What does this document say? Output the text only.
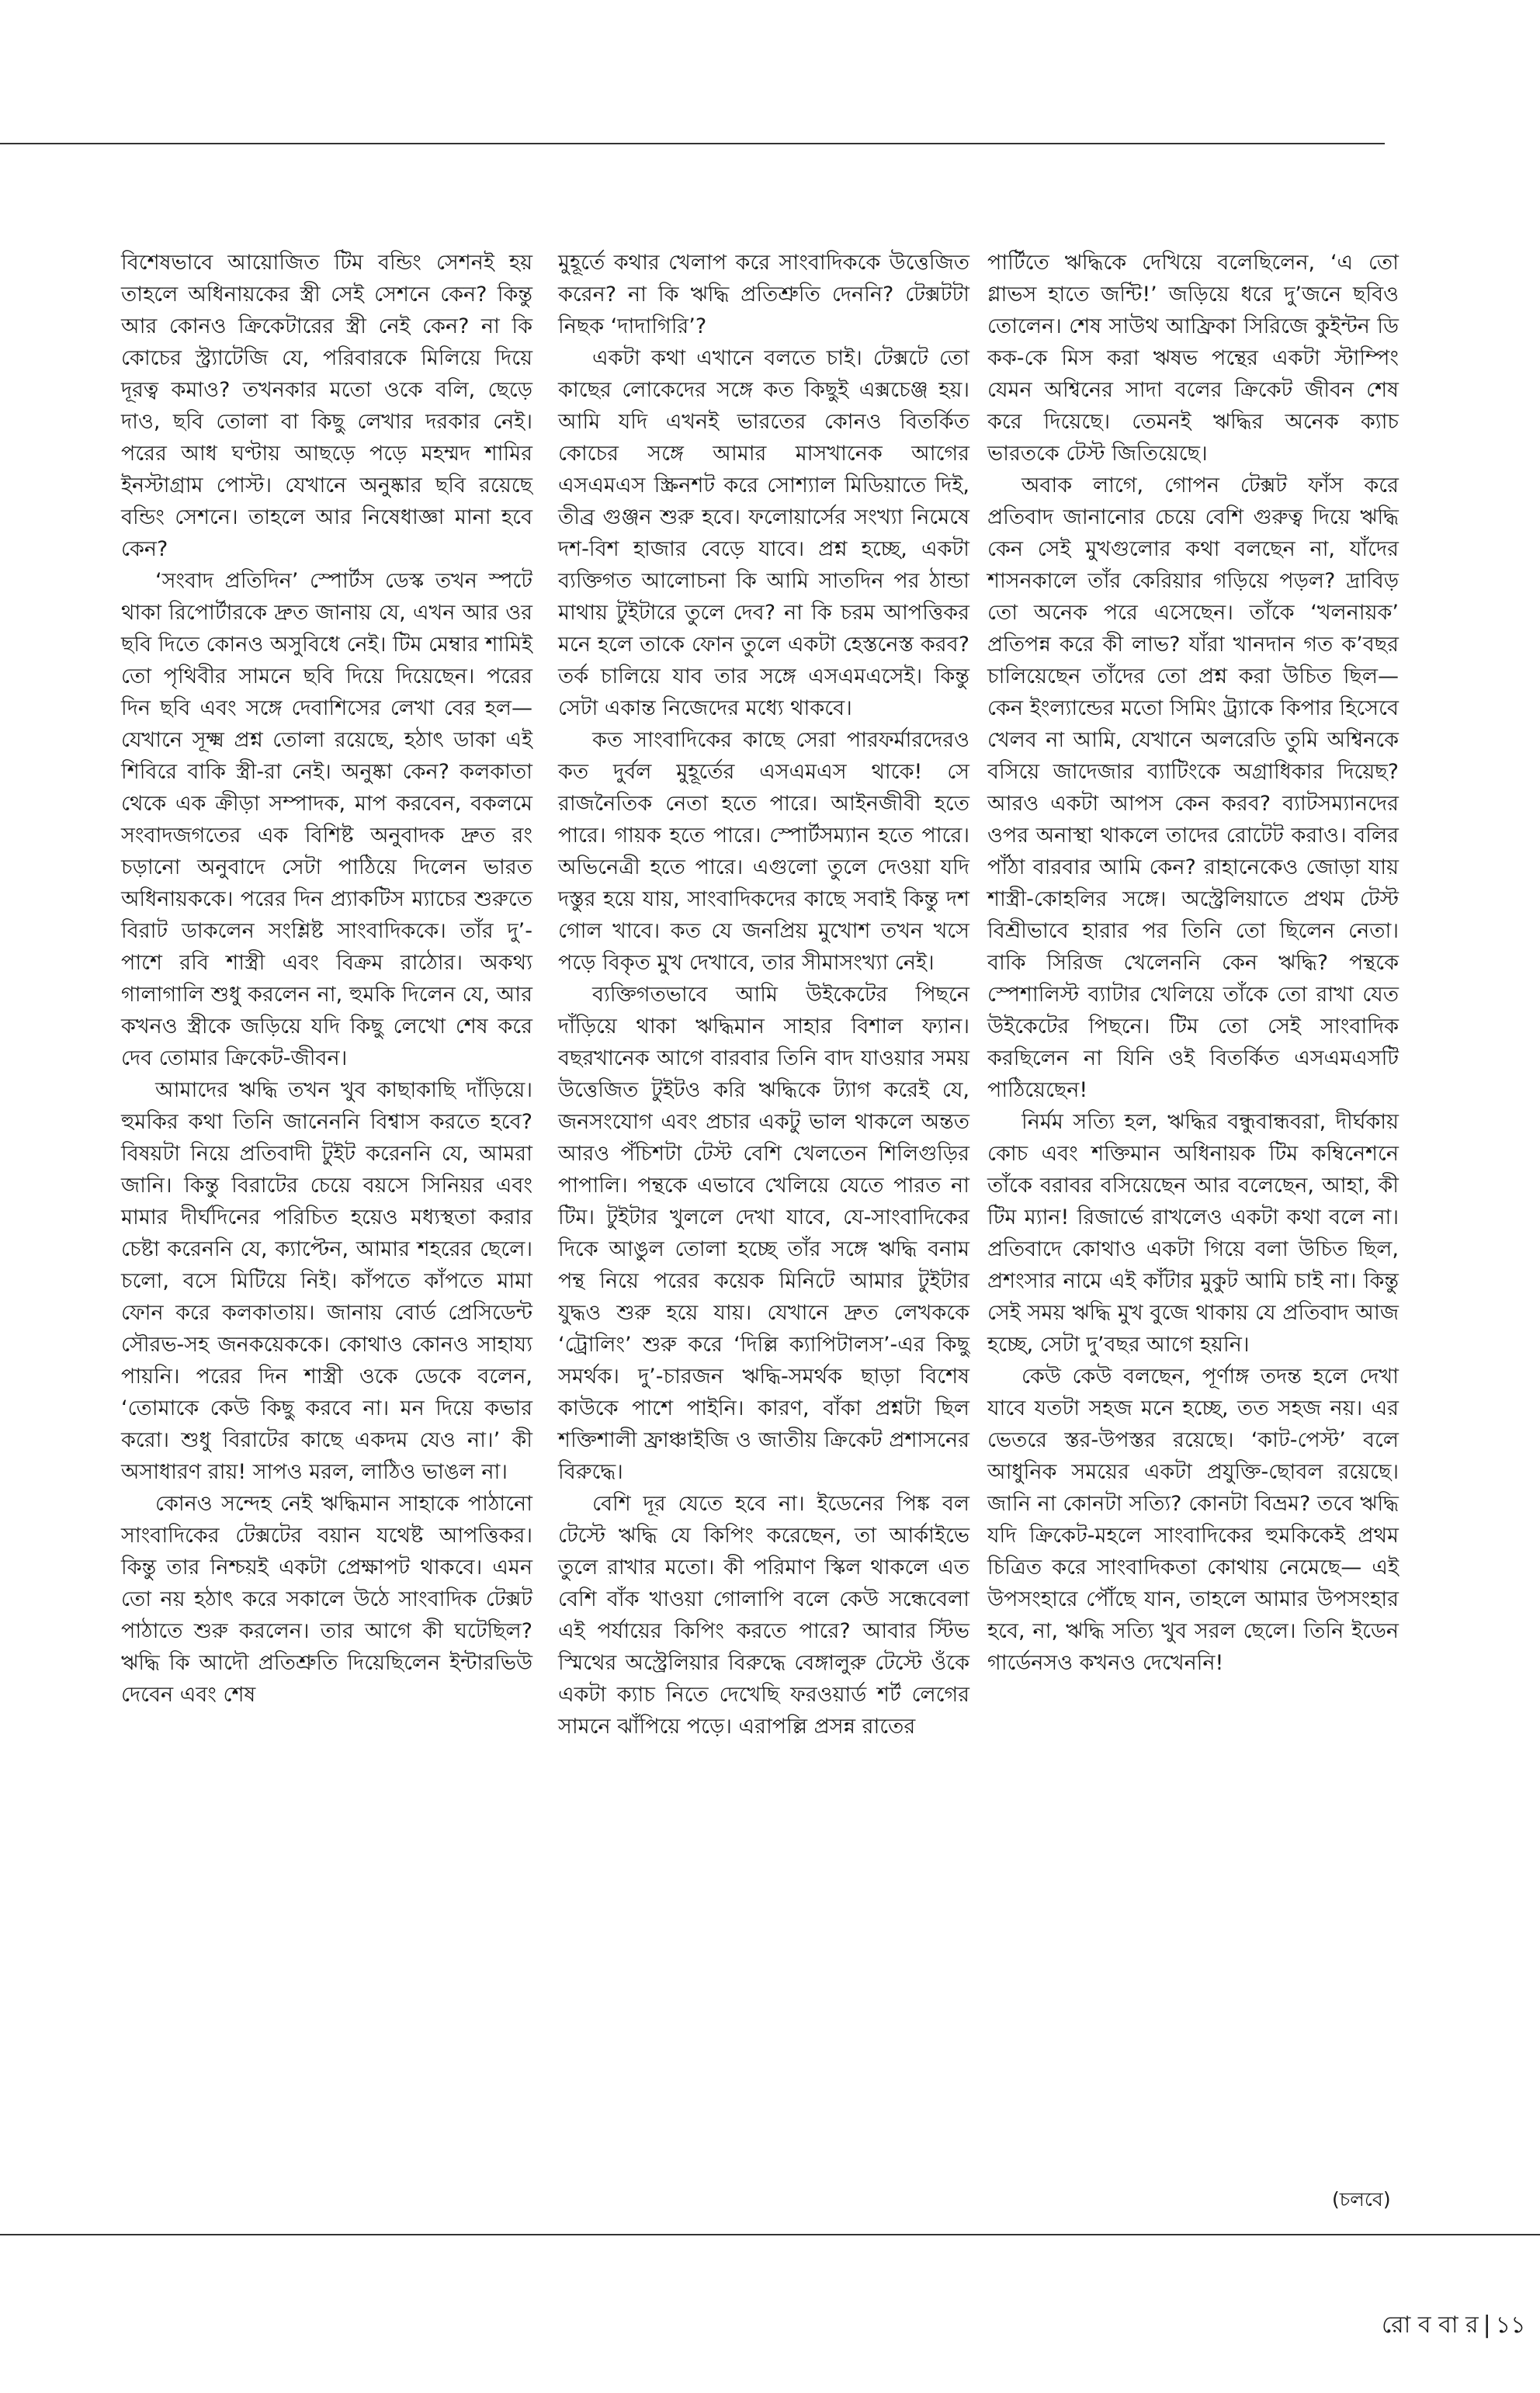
বিশেষভাবে আয়োজিত টিম বন্ডিং সেশনই হয় তাহলে অধিনায়কের স্ত্রী সেই সেশনে কেন? কিন্তু আর কোনও ক্রিকেটারের স্ত্রী নেই কেন? না কি কোচের স্ট্র্যাটেজি যে, পরিবারকে মিলিয়ে দিয়ে দূরত্ব কমাও? তখনকার মতো ওকে বলি, ছেড়ে দাও, ছবি তোলা বা কিছু লেখার দরকার নেই। পরের আধ ঘণ্টায় আছড়ে পড়ে মহম্মদ শামির ইনস্টাগ্রাম পোস্ট। যেখানে অনুষ্কার ছবি রয়েছে বন্ডিং সেশনে। তাহলে আর নিষেধাজ্ঞা মানা হবে কেন?

‘সংবাদ প্রতিদিন’ স্পোর্টস ডেস্ক তখন স্পটে থাকা রিপোর্টারকে দ্রুত জানায় যে, এখন আর ওর ছবি দিতে কোনও অসুবিধে নেই। টিম মেম্বার শামিই তো পৃথিবীর সামনে ছবি দিয়ে দিয়েছেন। পরের দিন ছবি এবং সঙ্গে দেবাশিসের লেখা বের হল— যেখানে সূক্ষ্ম প্রশ্ন তোলা রয়েছে, হঠাৎ ডাকা এই শিবিরে বাকি স্ত্রী-রা নেই। অনুষ্কা কেন? কলকাতা থেকে এক ক্রীড়া সম্পাদক, মাপ করবেন, বকলমে সংবাদজগতের এক বিশিষ্ট অনুবাদক দ্রুত রং চড়ানো অনুবাদে সেটা পাঠিয়ে দিলেন ভারত অধিনায়ককে। পরের দিন প্র্যাকটিস ম্যাচের শুরুতে বিরাট ডাকলেন সংশ্লিষ্ট সাংবাদিককে। তাঁর দু’-পাশে রবি শাস্ত্রী এবং বিক্রম রাঠোর। অকথ্য গালাগালি শুধু করলেন না, হুমকি দিলেন যে, আর কখনও স্ত্রীকে জড়িয়ে যদি কিছু লেখো শেষ করে দেব তোমার ক্রিকেট-জীবন।

আমাদের ঋদ্ধি তখন খুব কাছাকাছি দাঁড়িয়ে। হুমকির কথা তিনি জানেননি বিশ্বাস করতে হবে? বিষয়টা নিয়ে প্রতিবাদী টুইট করেননি যে, আমরা জানি। কিন্তু বিরাটের চেয়ে বয়সে সিনিয়র এবং মামার দীর্ঘদিনের পরিচিত হয়েও মধ্যস্থতা করার চেষ্টা করেননি যে, ক্যাপ্টেন, আমার শহরের ছেলে। চলো, বসে মিটিয়ে নিই। কাঁপতে কাঁপতে মামা ফোন করে কলকাতায়। জানায় বোর্ড প্রেসিডেন্ট সৌরভ-সহ জনকয়েককে। কোথাও কোনও সাহায্য পায়নি। পরের দিন শাস্ত্রী ওকে ডেকে বলেন, ‘তোমাকে কেউ কিছু করবে না। মন দিয়ে কভার করো। শুধু বিরাটের কাছে একদম যেও না।’ কী অসাধারণ রায়! সাপও মরল, লাঠিও ভাঙল না।

কোনও সন্দেহ নেই ঋদ্ধিমান সাহাকে পাঠানো সাংবাদিকের টেক্সটের বয়ান যথেষ্ট আপত্তিকর। কিন্তু তার নিশ্চয়ই একটা প্রেক্ষাপট থাকবে। এমন তো নয় হঠাৎ করে সকালে উঠে সাংবাদিক টেক্সট পাঠাতে শুরু করলেন। তার আগে কী ঘটেছিল? ঋদ্ধি কি আদৌ প্রতিশ্রুতি দিয়েছিলেন ইন্টারভিউ দেবেন এবং শেষ

মুহূর্তে কথার খেলাপ করে সাংবাদিককে উত্তেজিত করেন? না কি ঋদ্ধি প্রতিশ্রুতি দেননি? টেক্সটটা নিছক ‘দাদাগিরি’?

একটা কথা এখানে বলতে চাই। টেক্সটে তো কাছের লোকেদের সঙ্গে কত কিছুই এক্সচেঞ্জ হয়। আমি যদি এখনই ভারতের কোনও বিতর্কিত কোচের সঙ্গে আমার মাসখানেক আগের এসএমএস স্ক্রিনশট করে সোশ্যাল মিডিয়াতে দিই, তীব্র গুঞ্জন শুরু হবে। ফলোয়ার্সের সংখ্যা নিমেষে দশ-বিশ হাজার বেড়ে যাবে। প্রশ্ন হচ্ছে, একটা ব্যক্তিগত আলোচনা কি আমি সাতদিন পর ঠান্ডা মাথায় টুইটারে তুলে দেব? না কি চরম আপত্তিকর মনে হলে তাকে ফোন তুলে একটা হেস্তনেস্ত করব? তর্ক চালিয়ে যাব তার সঙ্গে এসএমএসেই। কিন্তু সেটা একান্ত নিজেদের মধ্যে থাকবে।

কত সাংবাদিকের কাছে সেরা পারফর্মারদেরও কত দুর্বল মুহূর্তের এসএমএস থাকে! সে রাজনৈতিক নেতা হতে পারে। আইনজীবী হতে পারে। গায়ক হতে পারে। স্পোর্টসম্যান হতে পারে। অভিনেত্রী হতে পারে। এগুলো তুলে দেওয়া যদি দস্তুর হয়ে যায়, সাংবাদিকদের কাছে সবাই কিন্তু দশ গোল খাবে। কত যে জনপ্রিয় মুখোশ তখন খসে পড়ে বিকৃত মুখ দেখাবে, তার সীমাসংখ্যা নেই।

ব্যক্তিগতভাবে আমি উইকেটের পিছনে দাঁড়িয়ে থাকা ঋদ্ধিমান সাহার বিশাল ফ্যান। বছরখানেক আগে বারবার তিনি বাদ যাওয়ার সময় উত্তেজিত টুইটও করি ঋদ্ধিকে ট্যাগ করেই যে, জনসংযোগ এবং প্রচার একটু ভাল থাকলে অন্তত আরও পঁচিশটা টেস্ট বেশি খেলতেন শিলিগুড়ির পাপালি। পন্থকে এভাবে খেলিয়ে যেতে পারত না টিম। টুইটার খুললে দেখা যাবে, যে-সাংবাদিকের দিকে আঙুল তোলা হচ্ছে তাঁর সঙ্গে ঋদ্ধি বনাম পন্থ নিয়ে পরের কয়েক মিনিটে আমার টুইটার যুদ্ধও শুরু হয়ে যায়। যেখানে দ্রুত লেখককে ‘ট্রোলিং’ শুরু করে ‘দিল্লি ক্যাপিটালস’-এর কিছু সমর্থক। দু’-চারজন ঋদ্ধি-সমর্থক ছাড়া বিশেষ কাউকে পাশে পাইনি। কারণ, বাঁকা প্রশ্নটা ছিল শক্তিশালী ফ্রাঞ্চাইজি ও জাতীয় ক্রিকেট প্রশাসনের বিরুদ্ধে।

বেশি দূর যেতে হবে না। ইডেনের পিঙ্ক বল টেস্টে ঋদ্ধি যে কিপিং করেছেন, তা আর্কাইভে তুলে রাখার মতো। কী পরিমাণ স্কিল থাকলে এত বেশি বাঁক খাওয়া গোলাপি বলে কেউ সন্ধেবেলা এই পর্যায়ের কিপিং করতে পারে? আবার স্টিভ স্মিথের অস্ট্রেলিয়ার বিরুদ্ধে বেঙ্গালুরু টেস্টে ওঁকে একটা ক্যাচ নিতে দেখেছি ফরওয়ার্ড শর্ট লেগের সামনে ঝাঁপিয়ে পড়ে। এরাপল্লি প্রসন্ন রাতের

পার্টিতে ঋদ্ধিকে দেখিয়ে বলেছিলেন, ‘এ তো গ্লাভস হাতে জন্টি!’ জড়িয়ে ধরে দু’জনে ছবিও তোলেন। শেষ সাউথ আফ্রিকা সিরিজে কুইন্টন ডি কক-কে মিস করা ঋষভ পন্থের একটা স্টাম্পিং যেমন অশ্বিনের সাদা বলের ক্রিকেট জীবন শেষ করে দিয়েছে। তেমনই ঋদ্ধির অনেক ক্যাচ ভারতকে টেস্ট জিতিয়েছে।

অবাক লাগে, গোপন টেক্সট ফাঁস করে প্রতিবাদ জানানোর চেয়ে বেশি গুরুত্ব দিয়ে ঋদ্ধি কেন সেই মুখগুলোর কথা বলছেন না, যাঁদের শাসনকালে তাঁর কেরিয়ার গড়িয়ে পড়ল? দ্রাবিড় তো অনেক পরে এসেছেন। তাঁকে ‘খলনায়ক’ প্রতিপন্ন করে কী লাভ? যাঁরা খানদান গত ক’বছর চালিয়েছেন তাঁদের তো প্রশ্ন করা উচিত ছিল— কেন ইংল্যান্ডের মতো সিমিং ট্র্যাকে কিপার হিসেবে খেলব না আমি, যেখানে অলরেডি তুমি অশ্বিনকে বসিয়ে জাদেজার ব্যাটিংকে অগ্রাধিকার দিয়েছ? আরও একটা আপস কেন করব? ব্যাটসম্যানদের ওপর অনাস্থা থাকলে তাদের রোটেট করাও। বলির পাঁঠা বারবার আমি কেন? রাহানেকেও জোড়া যায় শাস্ত্রী-কোহলির সঙ্গে। অস্ট্রেলিয়াতে প্রথম টেস্ট বিশ্রীভাবে হারার পর তিনি তো ছিলেন নেতা। বাকি সিরিজ খেলেননি কেন ঋদ্ধি? পন্থকে স্পেশালিস্ট ব্যাটার খেলিয়ে তাঁকে তো রাখা যেত উইকেটের পিছনে। টিম তো সেই সাংবাদিক করছিলেন না যিনি ওই বিতর্কিত এসএমএসটি পাঠিয়েছেন!

নির্মম সত্যি হল, ঋদ্ধির বন্ধুবান্ধবরা, দীর্ঘকায় কোচ এবং শক্তিমান অধিনায়ক টিম কম্বিনেশনে তাঁকে বরাবর বসিয়েছেন আর বলেছেন, আহা, কী টিম ম্যান! রিজার্ভে রাখলেও একটা কথা বলে না। প্রতিবাদে কোথাও একটা গিয়ে বলা উচিত ছিল, প্রশংসার নামে এই কাঁটার মুকুট আমি চাই না। কিন্তু সেই সময় ঋদ্ধি মুখ বুজে থাকায় যে প্রতিবাদ আজ হচ্ছে, সেটা দু’বছর আগে হয়নি।

কেউ কেউ বলছেন, পূর্ণাঙ্গ তদন্ত হলে দেখা যাবে যতটা সহজ মনে হচ্ছে, তত সহজ নয়। এর ভেতরে স্তর-উপস্তর রয়েছে। ‘কাট-পেস্ট’ বলে আধুনিক সময়ের একটা প্রযুক্তি-ছোবল রয়েছে। জানি না কোনটা সত্যি? কোনটা বিভ্রম? তবে ঋদ্ধি যদি ক্রিকেট-মহলে সাংবাদিকের হুমকিকেই প্রথম চিত্রিত করে সাংবাদিকতা কোথায় নেমেছে— এই উপসংহারে পৌঁছে যান, তাহলে আমার উপসংহার হবে, না, ঋদ্ধি সত্যি খুব সরল ছেলে। তিনি ইডেন গার্ডেনসও কখনও দেখেননি!

(চলবে)
রো ব বা র | ১১
